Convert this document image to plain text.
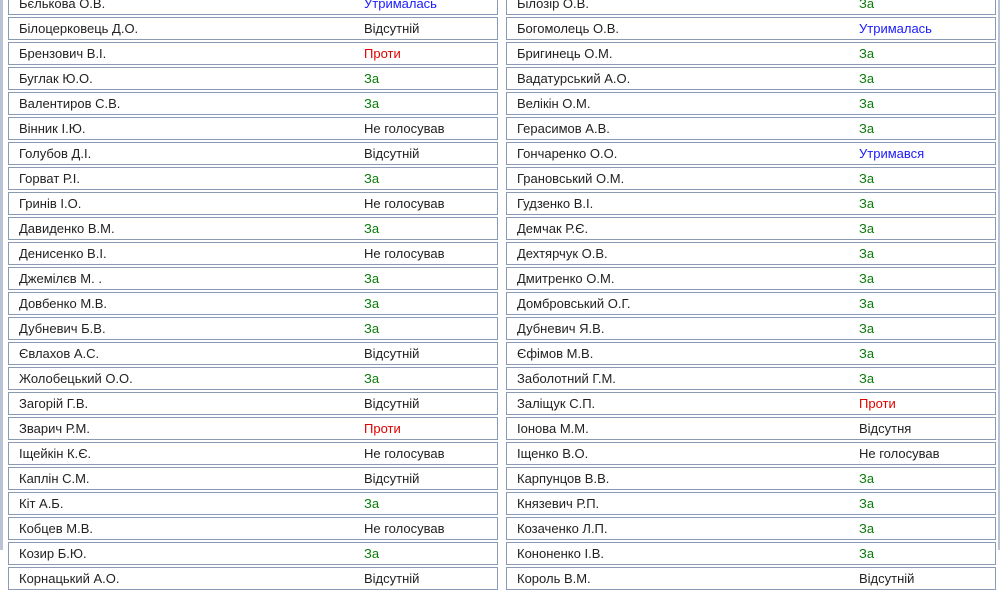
Бєлькова О.В.	Утрималась
Білоцерковець Д.О.	Відсутній
Брензович В.І.	Проти
Буглак Ю.О.	За
Валентиров С.В.	За
Вінник І.Ю.	Не голосував
Голубов Д.І.	Відсутній
Горват Р.І.	За
Гринів І.О.	Не голосував
Давиденко В.М.	За
Денисенко В.І.	Не голосував
Джемілєв М. .	За
Довбенко М.В.	За
Дубневич Б.В.	За
Євлахов А.С.	Відсутній
Жолобецький О.О.	За
Загорій Г.В.	Відсутній
Зварич Р.М.	Проти
Іщейкін К.Є.	Не голосував
Каплін С.М.	Відсутній
Кіт А.Б.	За
Кобцев М.В.	Не голосував
Козир Б.Ю.	За
Корнацький А.О.	Відсутній
Білозір О.В.	За
Богомолець О.В.	Утрималась
Бригинець О.М.	За
Вадатурський А.О.	За
Велікін О.М.	За
Герасимов А.В.	За
Гончаренко О.О.	Утримався
Грановський О.М.	За
Гудзенко В.І.	За
Демчак Р.Є.	За
Дехтярчук О.В.	За
Дмитренко О.М.	За
Домбровський О.Г.	За
Дубневич Я.В.	За
Єфімов М.В.	За
Заболотний Г.М.	За
Заліщук С.П.	Проти
Іонова М.М.	Відсутня
Іщенко В.О.	Не голосував
Карпунцов В.В.	За
Князевич Р.П.	За
Козаченко Л.П.	За
Кононенко І.В.	За
Король В.М.	Відсутній
